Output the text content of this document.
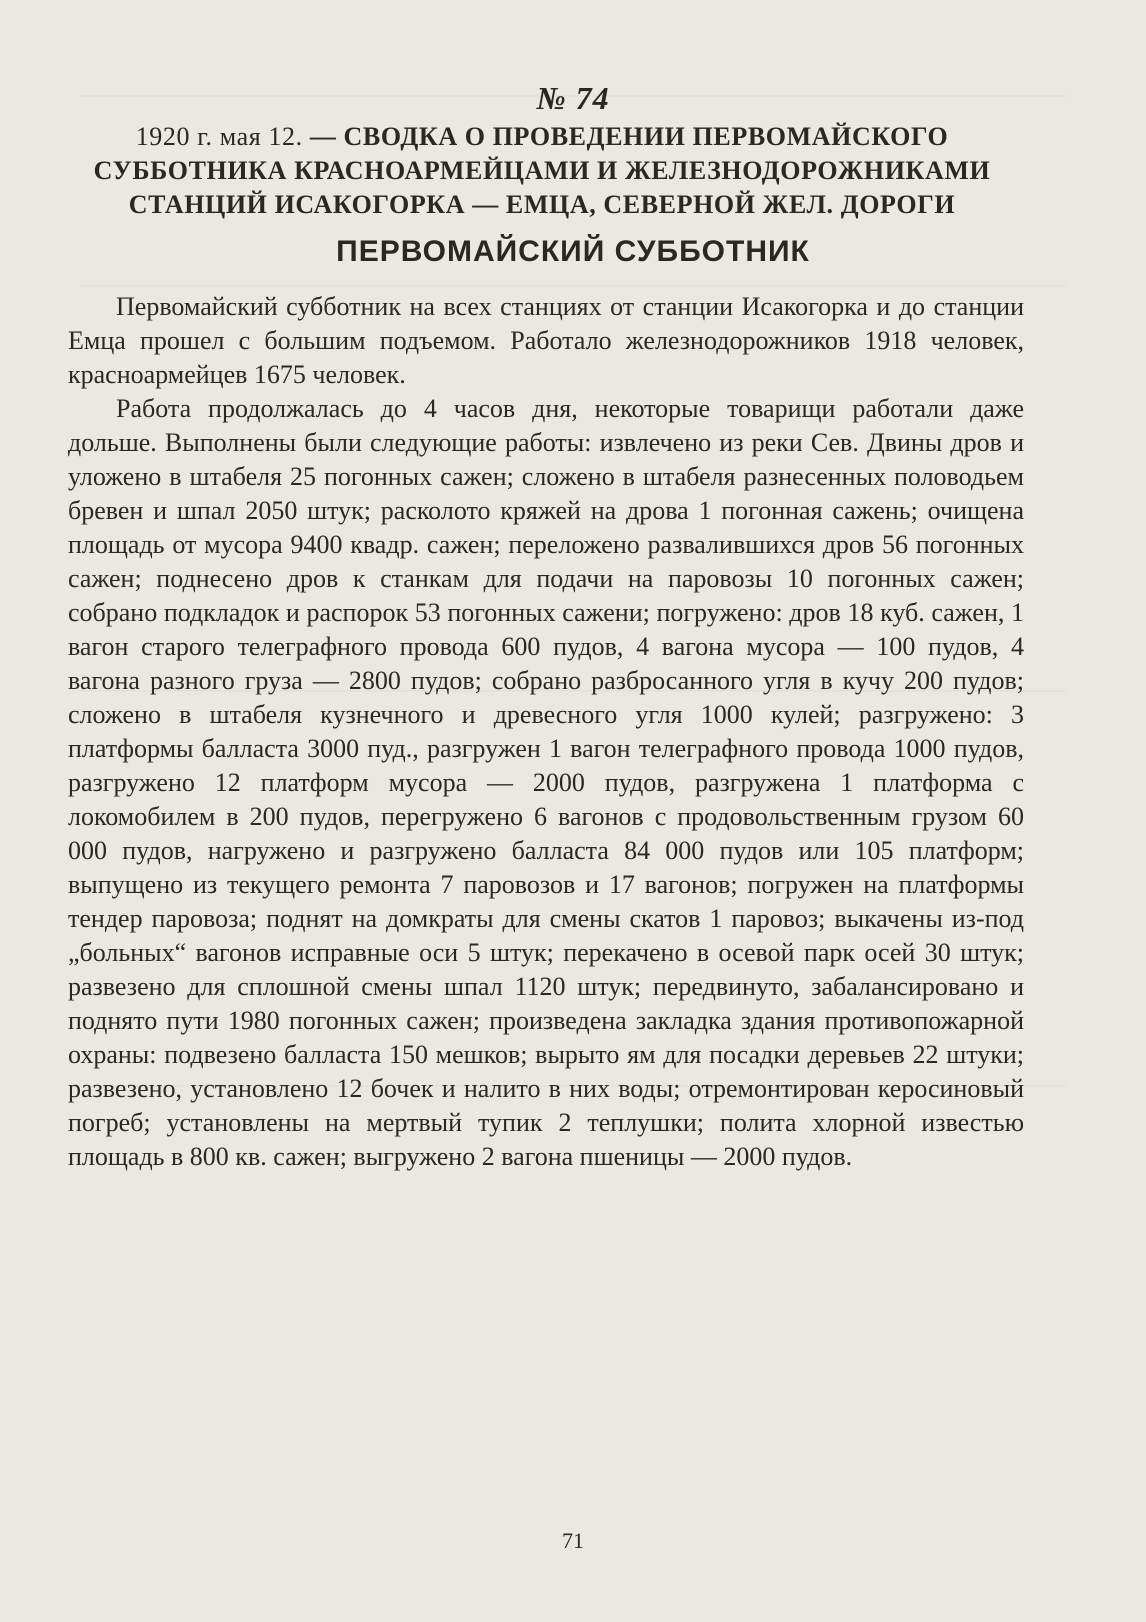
№ 74
1920 г. мая 12. — СВОДКА О ПРОВЕДЕНИИ ПЕРВОМАЙСКОГО СУББОТНИКА КРАСНОАРМЕЙЦАМИ И ЖЕЛЕЗНОДОРОЖНИКАМИ СТАНЦИЙ ИСАКОГОРКА — ЕМЦА, СЕВЕРНОЙ ЖЕЛ. ДОРОГИ
ПЕРВОМАЙСКИЙ СУББОТНИК

Первомайский субботник на всех станциях от станции Исакогорка и до станции Емца прошел с большим подъемом. Работало железнодорожников 1918 человек, красноармейцев 1675 человек.

Работа продолжалась до 4 часов дня, некоторые товарищи работали даже дольше. Выполнены были следующие работы: извлечено из реки Сев. Двины дров и уложено в штабеля 25 погонных сажен; сложено в штабеля разнесенных половодьем бревен и шпал 2050 штук; расколото кряжей на дрова 1 погонная сажень; очищена площадь от мусора 9400 квадр. сажен; переложено развалившихся дров 56 погонных сажен; поднесено дров к станкам для подачи на паровозы 10 погонных сажен; собрано подкладок и распорок 53 погонных сажени; погружено: дров 18 куб. сажен, 1 вагон старого телеграфного провода 600 пудов, 4 вагона мусора — 100 пудов, 4 вагона разного груза — 2800 пудов; собрано разбросанного угля в кучу 200 пудов; сложено в штабеля кузнечного и древесного угля 1000 кулей; разгружено: 3 платформы балласта 3000 пуд., разгружен 1 вагон телеграфного провода 1000 пудов, разгружено 12 платформ мусора — 2000 пудов, разгружена 1 платформа с локомобилем в 200 пудов, перегружено 6 вагонов с продовольственным грузом 60 000 пудов, нагружено и разгружено балласта 84 000 пудов или 105 платформ; выпущено из текущего ремонта 7 паровозов и 17 вагонов; погружен на платформы тендер паровоза; поднят на домкраты для смены скатов 1 паровоз; выкачены из-под „больных“ вагонов исправные оси 5 штук; перекачено в осевой парк осей 30 штук; развезено для сплошной смены шпал 1120 штук; передвинуто, забалансировано и поднято пути 1980 погонных сажен; произведена закладка здания противопожарной охраны: подвезено балласта 150 мешков; вырыто ям для посадки деревьев 22 штуки; развезено, установлено 12 бочек и налито в них воды; отремонтирован керосиновый погреб; установлены на мертвый тупик 2 теплушки; полита хлорной известью площадь в 800 кв. сажен; выгружено 2 вагона пшеницы — 2000 пудов.

71
